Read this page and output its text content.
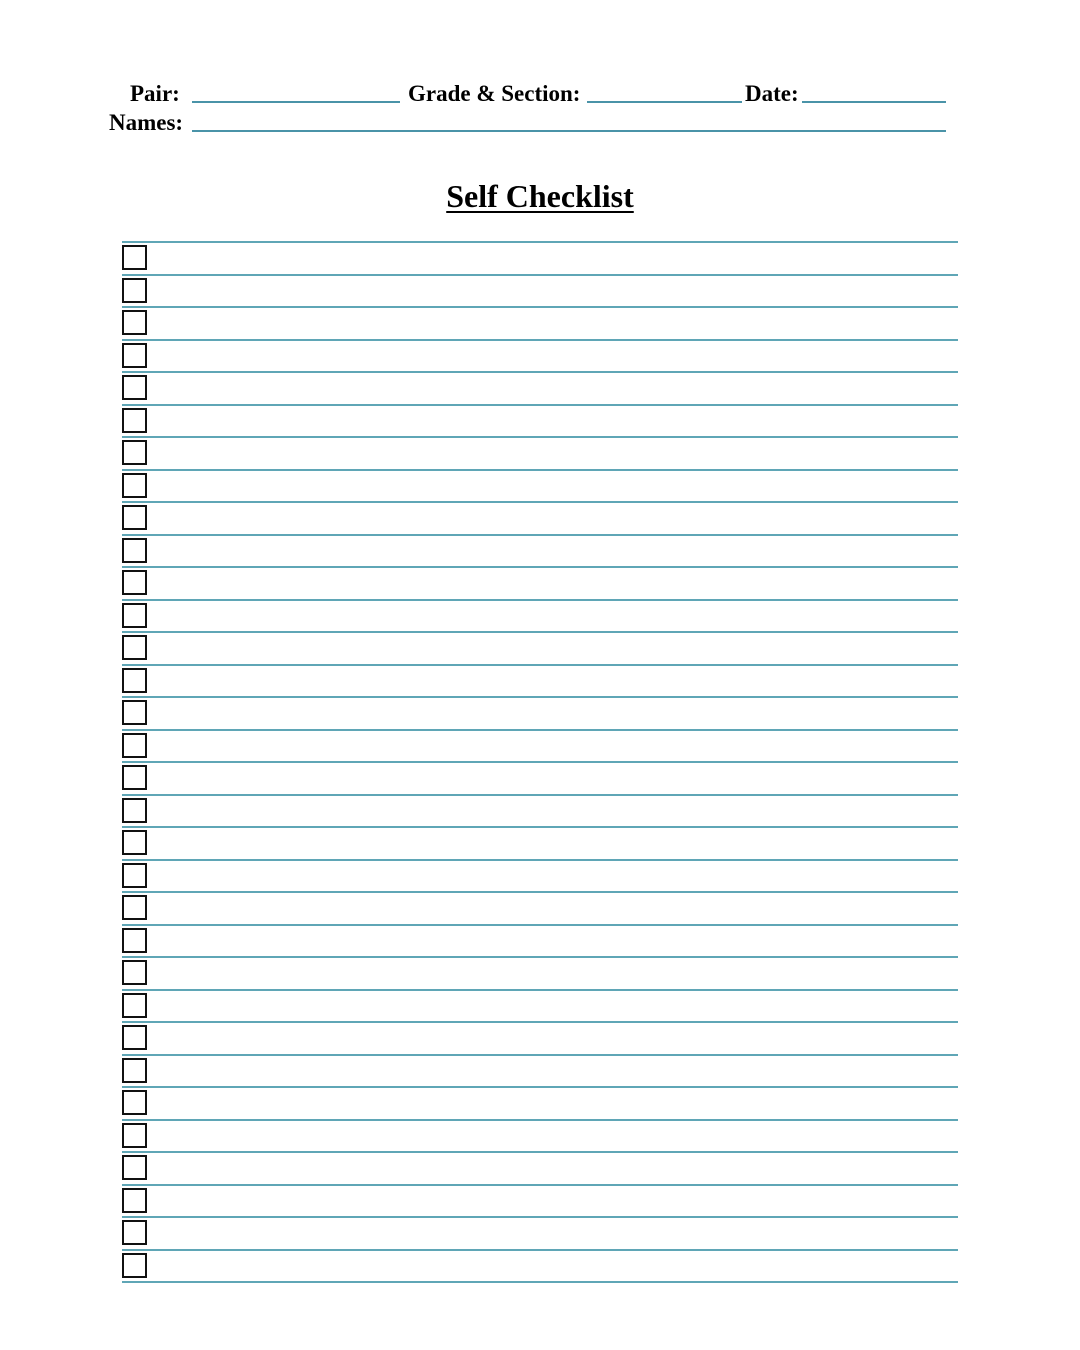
Pair:	Grade & Section:	Date:
Names:
Self Checklist
